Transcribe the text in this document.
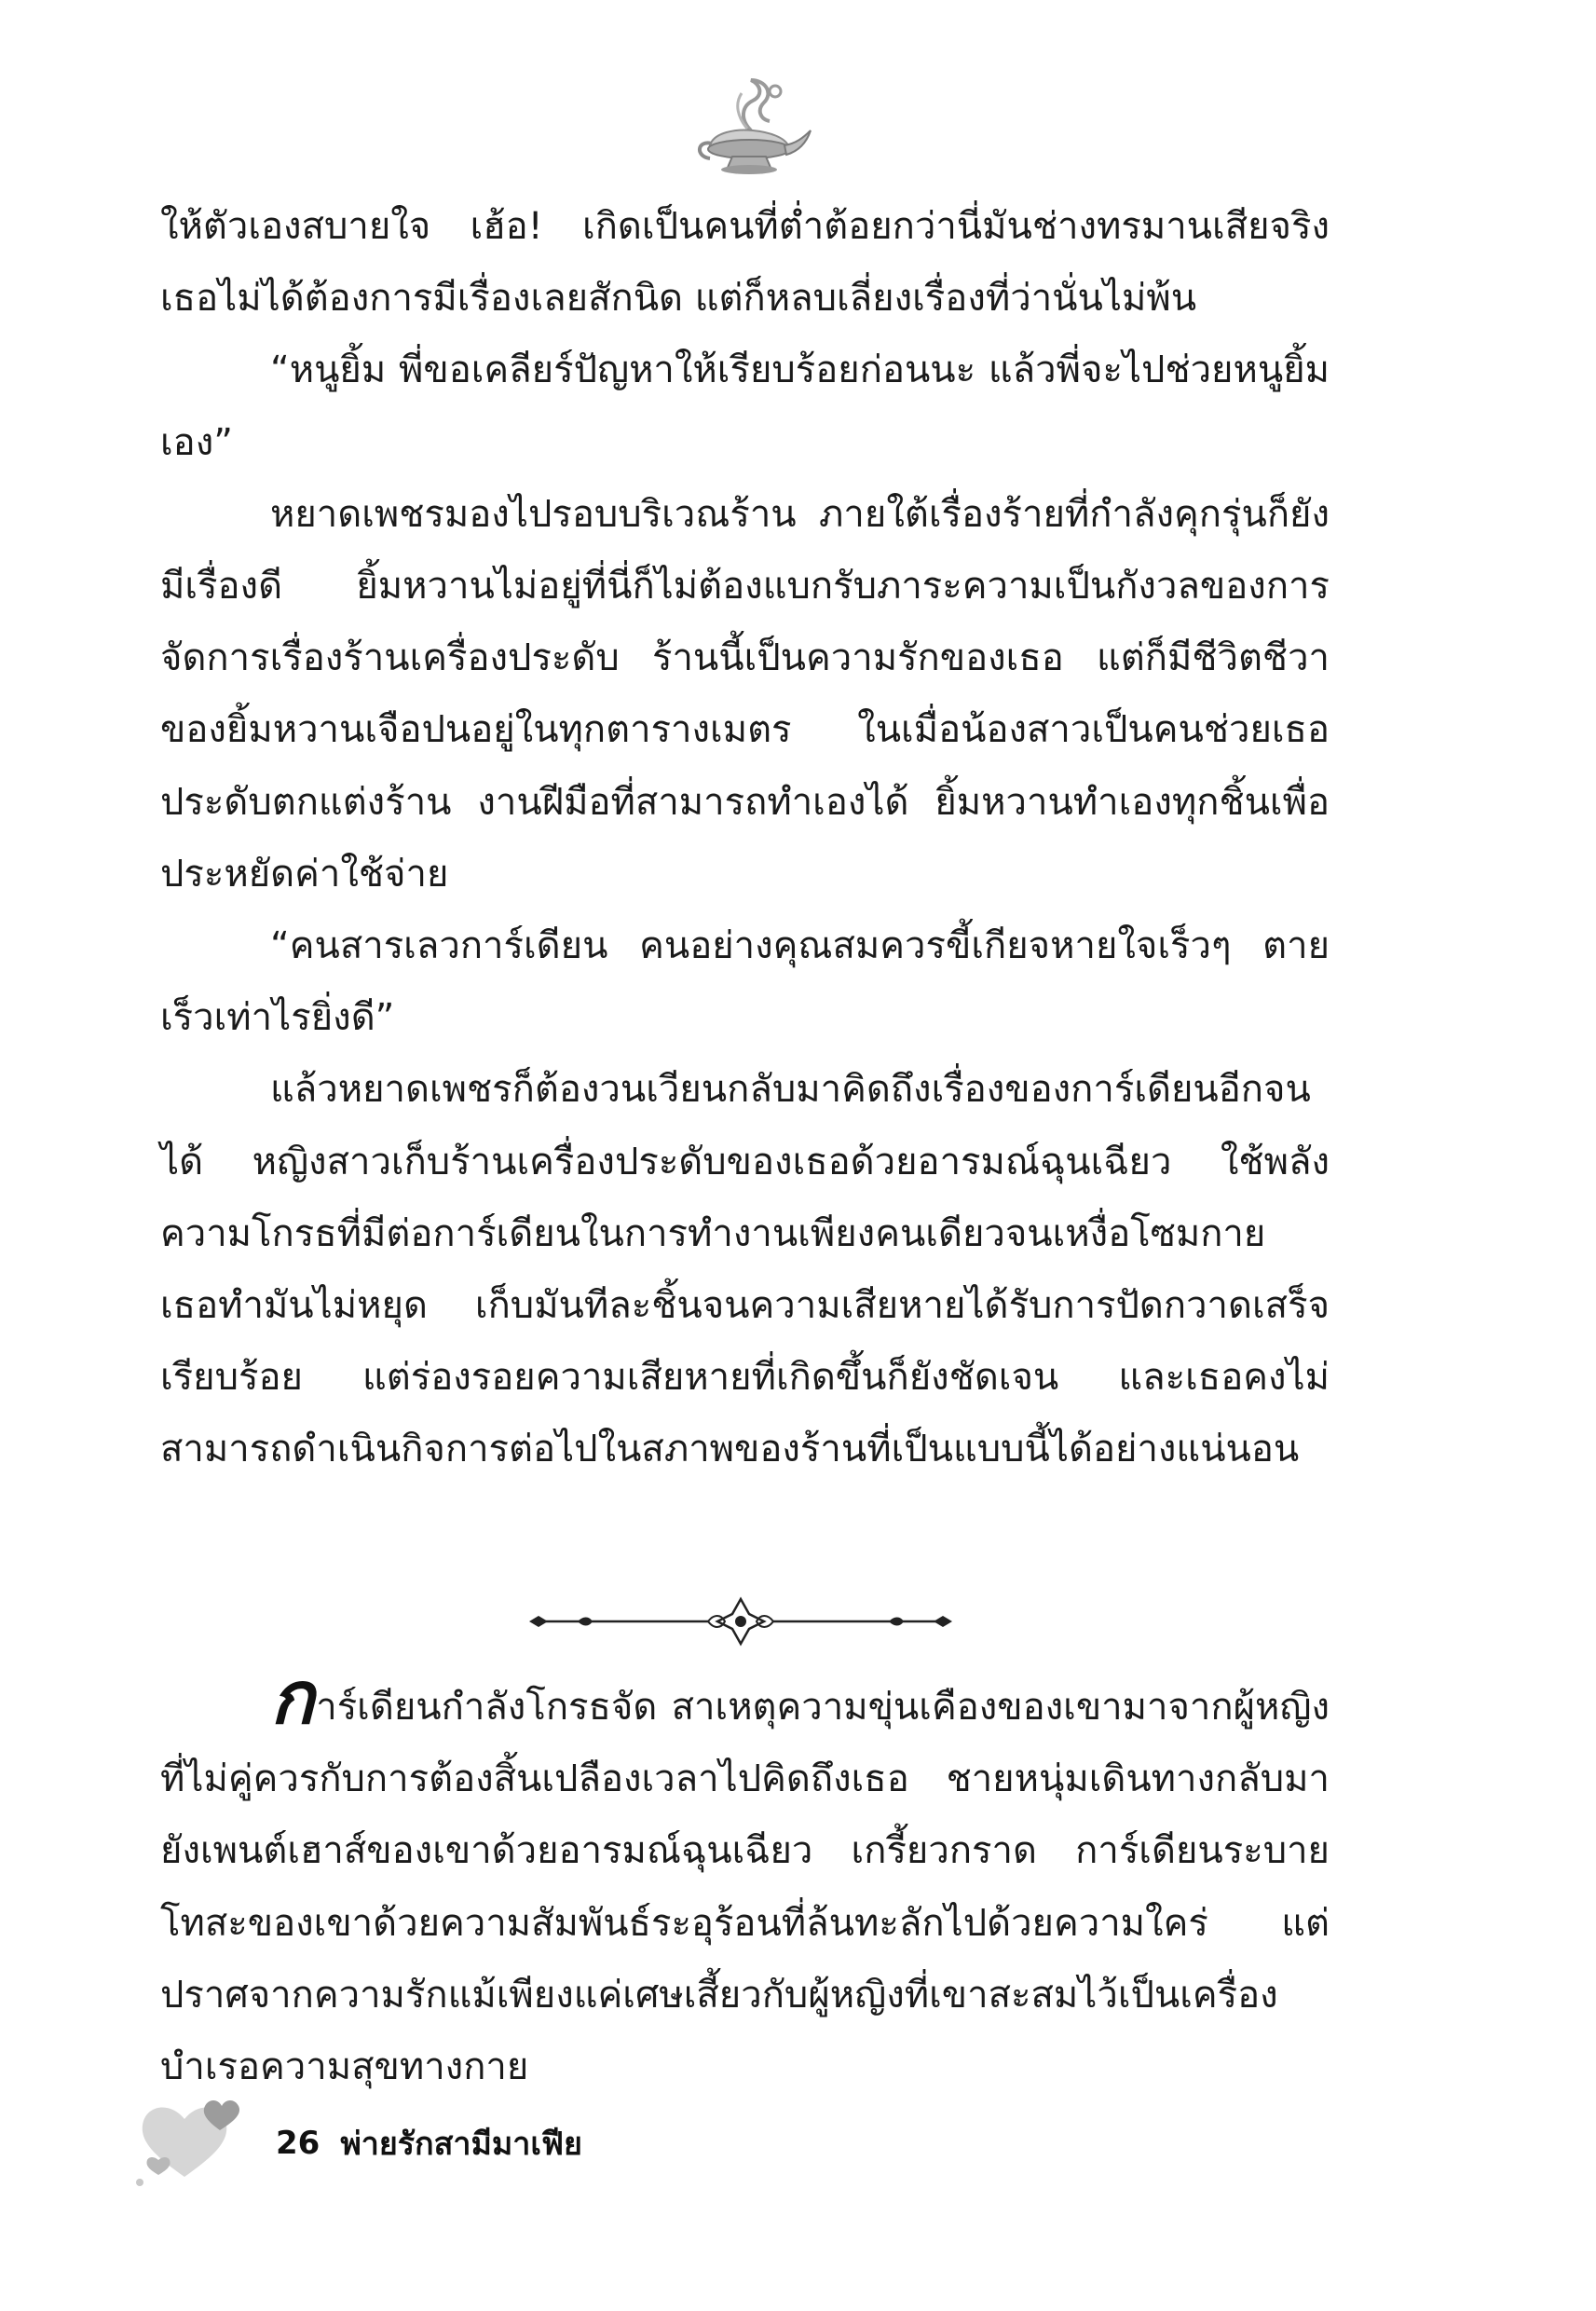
ให้ตัวเองสบายใจ เฮ้อ! เกิดเป็นคนที่ต่ำต้อยกว่านี่มันช่างทรมานเสียจริง เธอไม่ได้ต้องการมีเรื่องเลยสักนิด แต่ก็หลบเลี่ยงเรื่องที่ว่านั่นไม่พ้น

“หนูยิ้ม พี่ขอเคลียร์ปัญหาให้เรียบร้อยก่อนนะ แล้วพี่จะไปช่วยหนูยิ้มเอง”

หยาดเพชรมองไปรอบบริเวณร้าน ภายใต้เรื่องร้ายที่กำลังคุกรุ่นก็ยังมีเรื่องดี ยิ้มหวานไม่อยู่ที่นี่ก็ไม่ต้องแบกรับภาระความเป็นกังวลของการจัดการเรื่องร้านเครื่องประดับ ร้านนี้เป็นความรักของเธอ แต่ก็มีชีวิตชีวาของยิ้มหวานเจือปนอยู่ในทุกตารางเมตร ในเมื่อน้องสาวเป็นคนช่วยเธอประดับตกแต่งร้าน งานฝีมือที่สามารถทำเองได้ ยิ้มหวานทำเองทุกชิ้นเพื่อประหยัดค่าใช้จ่าย

“คนสารเลวการ์เดียน คนอย่างคุณสมควรขี้เกียจหายใจเร็วๆ ตายเร็วเท่าไรยิ่งดี”

แล้วหยาดเพชรก็ต้องวนเวียนกลับมาคิดถึงเรื่องของการ์เดียนอีกจนได้ หญิงสาวเก็บร้านเครื่องประดับของเธอด้วยอารมณ์ฉุนเฉียว ใช้พลังความโกรธที่มีต่อการ์เดียนในการทำงานเพียงคนเดียวจนเหงื่อโซมกาย เธอทำมันไม่หยุด เก็บมันทีละชิ้นจนความเสียหายได้รับการปัดกวาดเสร็จเรียบร้อย แต่ร่องรอยความเสียหายที่เกิดขึ้นก็ยังชัดเจน และเธอคงไม่สามารถดำเนินกิจการต่อไปในสภาพของร้านที่เป็นแบบนี้ได้อย่างแน่นอน

การ์เดียนกำลังโกรธจัด สาเหตุความขุ่นเคืองของเขามาจากผู้หญิงที่ไม่คู่ควรกับการต้องสิ้นเปลืองเวลาไปคิดถึงเธอ ชายหนุ่มเดินทางกลับมายังเพนต์เฮาส์ของเขาด้วยอารมณ์ฉุนเฉียว เกรี้ยวกราด การ์เดียนระบายโทสะของเขาด้วยความสัมพันธ์ระอุร้อนที่ล้นทะลักไปด้วยความใคร่ แต่ปราศจากความรักแม้เพียงแค่เศษเสี้ยวกับผู้หญิงที่เขาสะสมไว้เป็นเครื่องบำเรอความสุขทางกาย

26 พ่ายรักสามีมาเฟีย
